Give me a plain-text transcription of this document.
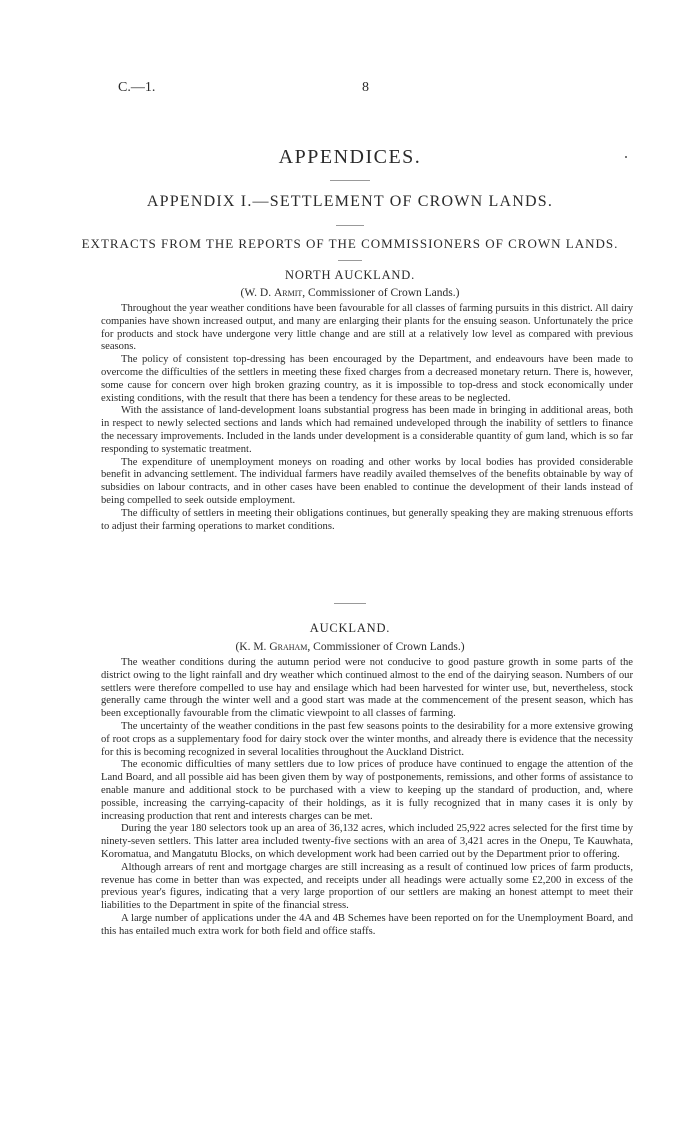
C.—1.	8
APPENDICES.
APPENDIX I.—SETTLEMENT OF CROWN LANDS.
EXTRACTS FROM THE REPORTS OF THE COMMISSIONERS OF CROWN LANDS.
NORTH AUCKLAND.
(W. D. Armit, Commissioner of Crown Lands.)

Throughout the year weather conditions have been favourable for all classes of farming pursuits in this district. All dairy companies have shown increased output, and many are enlarging their plants for the ensuing season. Unfortunately the price for products and stock have undergone very little change and are still at a relatively low level as compared with previous seasons.

The policy of consistent top-dressing has been encouraged by the Department, and endeavours have been made to overcome the difficulties of the settlers in meeting these fixed charges from a decreased monetary return. There is, however, some cause for concern over high broken grazing country, as it is impossible to top-dress and stock economically under existing conditions, with the result that there has been a tendency for these areas to be neglected.

With the assistance of land-development loans substantial progress has been made in bringing in additional areas, both in respect to newly selected sections and lands which had remained undeveloped through the inability of settlers to finance the necessary improvements. Included in the lands under development is a considerable quantity of gum land, which is so far responding to systematic treatment.

The expenditure of unemployment moneys on roading and other works by local bodies has provided considerable benefit in advancing settlement. The individual farmers have readily availed themselves of the benefits obtainable by way of subsidies on labour contracts, and in other cases have been enabled to continue the development of their lands instead of being compelled to seek outside employment.

The difficulty of settlers in meeting their obligations continues, but generally speaking they are making strenuous efforts to adjust their farming operations to market conditions.

AUCKLAND.
(K. M. Graham, Commissioner of Crown Lands.)

The weather conditions during the autumn period were not conducive to good pasture growth in some parts of the district owing to the light rainfall and dry weather which continued almost to the end of the dairying season. Numbers of our settlers were therefore compelled to use hay and ensilage which had been harvested for winter use, but, nevertheless, stock generally came through the winter well and a good start was made at the commencement of the present season, which has been exceptionally favourable from the climatic viewpoint to all classes of farming.

The uncertainty of the weather conditions in the past few seasons points to the desirability for a more extensive growing of root crops as a supplementary food for dairy stock over the winter months, and already there is evidence that the necessity for this is becoming recognized in several localities throughout the Auckland District.

The economic difficulties of many settlers due to low prices of produce have continued to engage the attention of the Land Board, and all possible aid has been given them by way of postponements, remissions, and other forms of assistance to enable manure and additional stock to be purchased with a view to keeping up the standard of production, and, where possible, increasing the carrying-capacity of their holdings, as it is fully recognized that in many cases it is only by increasing production that rent and interests charges can be met.

During the year 180 selectors took up an area of 36,132 acres, which included 25,922 acres selected for the first time by ninety-seven settlers. This latter area included twenty-five sections with an area of 3,421 acres in the Onepu, Te Kauwhata, Koromatua, and Mangatutu Blocks, on which development work had been carried out by the Department prior to offering.

Although arrears of rent and mortgage charges are still increasing as a result of continued low prices of farm products, revenue has come in better than was expected, and receipts under all headings were actually some £2,200 in excess of the previous year's figures, indicating that a very large proportion of our settlers are making an honest attempt to meet their liabilities to the Department in spite of the financial stress.

A large number of applications under the 4A and 4B Schemes have been reported on for the Unemployment Board, and this has entailed much extra work for both field and office staffs.
